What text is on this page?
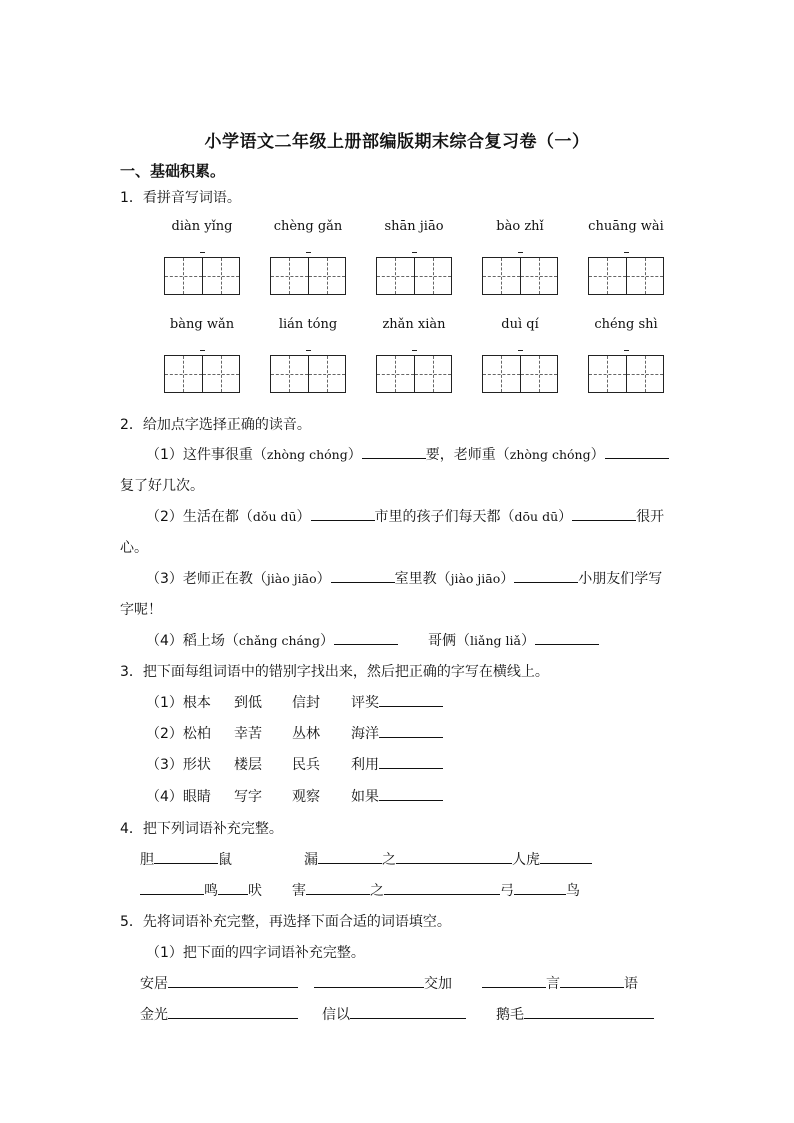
小学语文二年级上册部编版期末综合复习卷（一）
一、基础积累。
1．看拼音写词语。
diàn yǐng	chèng gǎn	shān jiāo	bào zhǐ	chuāng wài
bàng wǎn	lián tóng	zhǎn xiàn	duì qí	chéng shì
2．给加点字选择正确的读音。
（1）这件事很重（zhòng chóng）	要，老师重（zhòng chóng）
复了好几次。
（2）生活在都（dǒu dū）	市里的孩子们每天都（dōu dū）	很开
心。
（3）老师正在教（jiào jiāo）	室里教（jiào jiāo）	小朋友们学写
字呢！
（4）稻上场（chǎng cháng）	哥俩（liǎng liǎ）
3．把下面每组词语中的错别字找出来，然后把正确的字写在横线上。
（1）根本 到低 信封 评奖
（2）松柏 幸苦 丛林 海洋
（3）形状 楼层 民兵 利用
（4）眼睛 写字 观察 如果
4．把下列词语补充完整。
胆	鼠	漏	之	人虎
鸣 吠 害	之	弓	鸟
5．先将词语补充完整，再选择下面合适的词语填空。
（1）把下面的四字词语补充完整。
安居	交加	言	语
金光	信以	鹅毛
